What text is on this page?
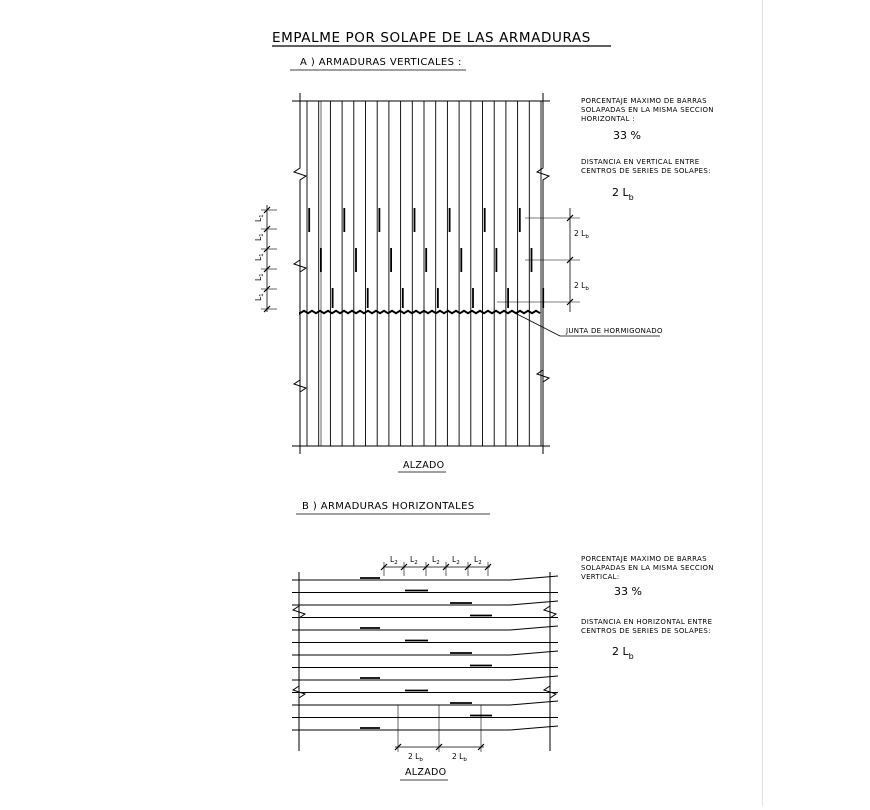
EMPALME POR SOLAPE DE LAS ARMADURAS
A ) ARMADURAS VERTICALES :
JUNTA DE HORMIGONADO
ALZADO
$L_1$
$L_1$
$L_1$
$L_1$
$L_1$
2 $L_b$
2 $L_b$
PORCENTAJE MAXIMO DE BARRAS
SOLAPADAS EN LA MISMA SECCION
HORIZONTAL :
33 %
DISTANCIA EN VERTICAL ENTRE
CENTROS DE SERIES DE SOLAPES:
2 $L_b$
B ) ARMADURAS HORIZONTALES
$L_2$ $L_2$ $L_2$ $L_2$ $L_2$
2 $L_b$	2 $L_b$
ALZADO
PORCENTAJE MAXIMO DE BARRAS
SOLAPADAS EN LA MISMA SECCION
VERTICAL:
33 %
DISTANCIA EN HORIZONTAL ENTRE
CENTROS DE SERIES DE SOLAPES:
2 $L_b$
